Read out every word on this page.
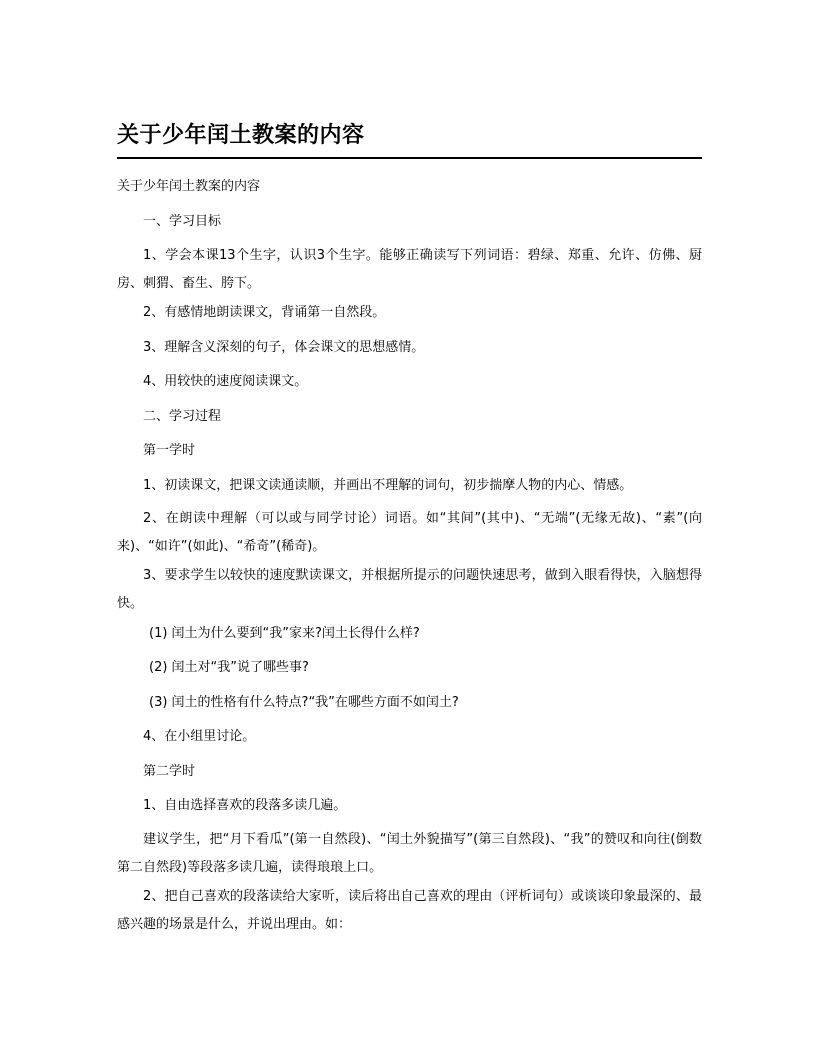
关于少年闰土教案的内容
关于少年闰土教案的内容
一、学习目标
1、学会本课13个生字，认识3个生字。能够正确读写下列词语：碧绿、郑重、允许、仿佛、厨房、刺猬、畜生、胯下。
2、有感情地朗读课文，背诵第一自然段。
3、理解含义深刻的句子，体会课文的思想感情。
4、用较快的速度阅读课文。
二、学习过程
第一学时
1、初读课文，把课文读通读顺，并画出不理解的词句，初步揣摩人物的内心、情感。
2、在朗读中理解（可以或与同学讨论）词语。如“其间”(其中)、“无端”(无缘无故)、“素”(向来)、“如许”(如此)、“希奇”(稀奇)。
3、要求学生以较快的速度默读课文，并根据所提示的问题快速思考，做到入眼看得快，入脑想得快。
(1) 闰土为什么要到“我”家来?闰土长得什么样?
(2) 闰土对“我”说了哪些事?
(3) 闰土的性格有什么特点?“我”在哪些方面不如闰土?
4、在小组里讨论。
第二学时
1、自由选择喜欢的段落多读几遍。
建议学生，把“月下看瓜”(第一自然段)、“闰土外貌描写”(第三自然段)、“我”的赞叹和向往(倒数第二自然段)等段落多读几遍，读得琅琅上口。
2、把自己喜欢的段落读给大家听，读后将出自己喜欢的理由（评析词句）或谈谈印象最深的、最感兴趣的场景是什么，并说出理由。如：
